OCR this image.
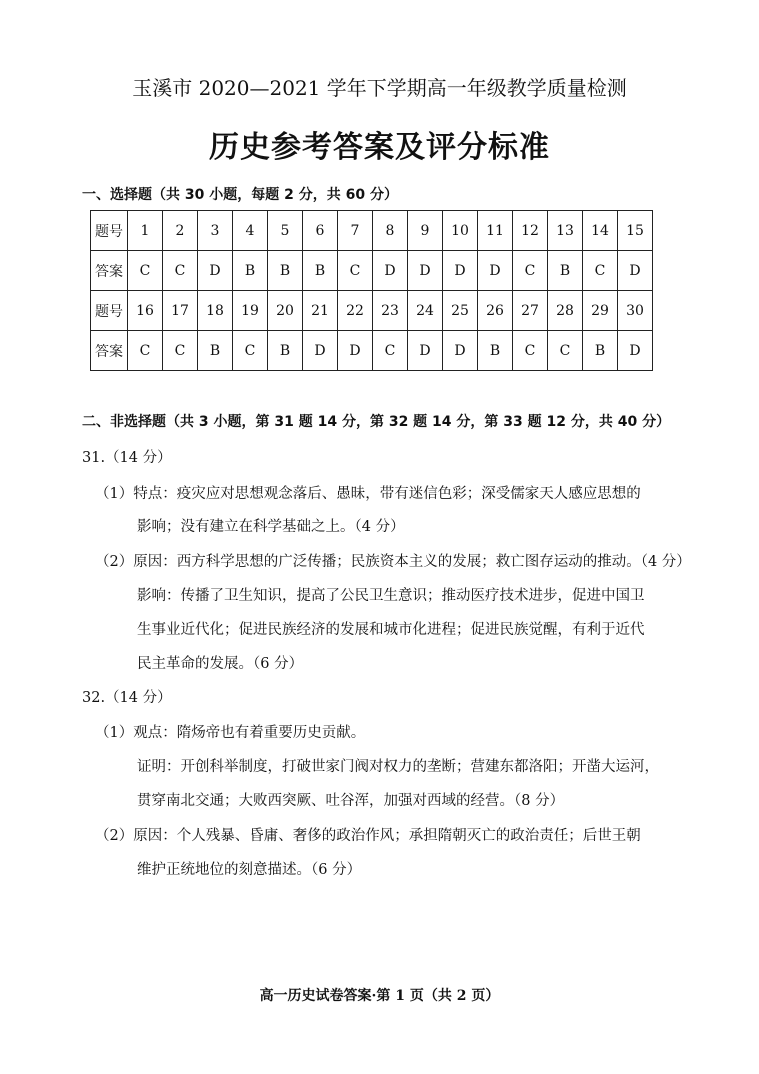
玉溪市 2020—2021 学年下学期高一年级教学质量检测
历史参考答案及评分标准
一、选择题（共 30 小题，每题 2 分，共 60 分）
题号	1	2	3	4	5	6	7	8	9	10	11	12	13	14	15
答案	C	C	D	B	B	B	C	D	D	D	D	C	B	C	D
题号	16	17	18	19	20	21	22	23	24	25	26	27	28	29	30
答案	C	C	B	C	B	D	D	C	D	D	B	C	C	B	D
二、非选择题（共 3 小题，第 31 题 14 分，第 32 题 14 分，第 33 题 12 分，共 40 分）
31.（14 分）
（1）特点：疫灾应对思想观念落后、愚昧，带有迷信色彩；深受儒家天人感应思想的
影响；没有建立在科学基础之上。（4 分）
（2）原因：西方科学思想的广泛传播；民族资本主义的发展；救亡图存运动的推动。（4 分）
影响：传播了卫生知识，提高了公民卫生意识；推动医疗技术进步，促进中国卫
生事业近代化；促进民族经济的发展和城市化进程；促进民族觉醒，有利于近代
民主革命的发展。（6 分）
32.（14 分）
（1）观点：隋炀帝也有着重要历史贡献。
证明：开创科举制度，打破世家门阀对权力的垄断；营建东都洛阳；开凿大运河，
贯穿南北交通；大败西突厥、吐谷浑，加强对西域的经营。（8 分）
（2）原因：个人残暴、昏庸、奢侈的政治作风；承担隋朝灭亡的政治责任；后世王朝
维护正统地位的刻意描述。（6 分）
高一历史试卷答案·第 1 页（共 2 页）
